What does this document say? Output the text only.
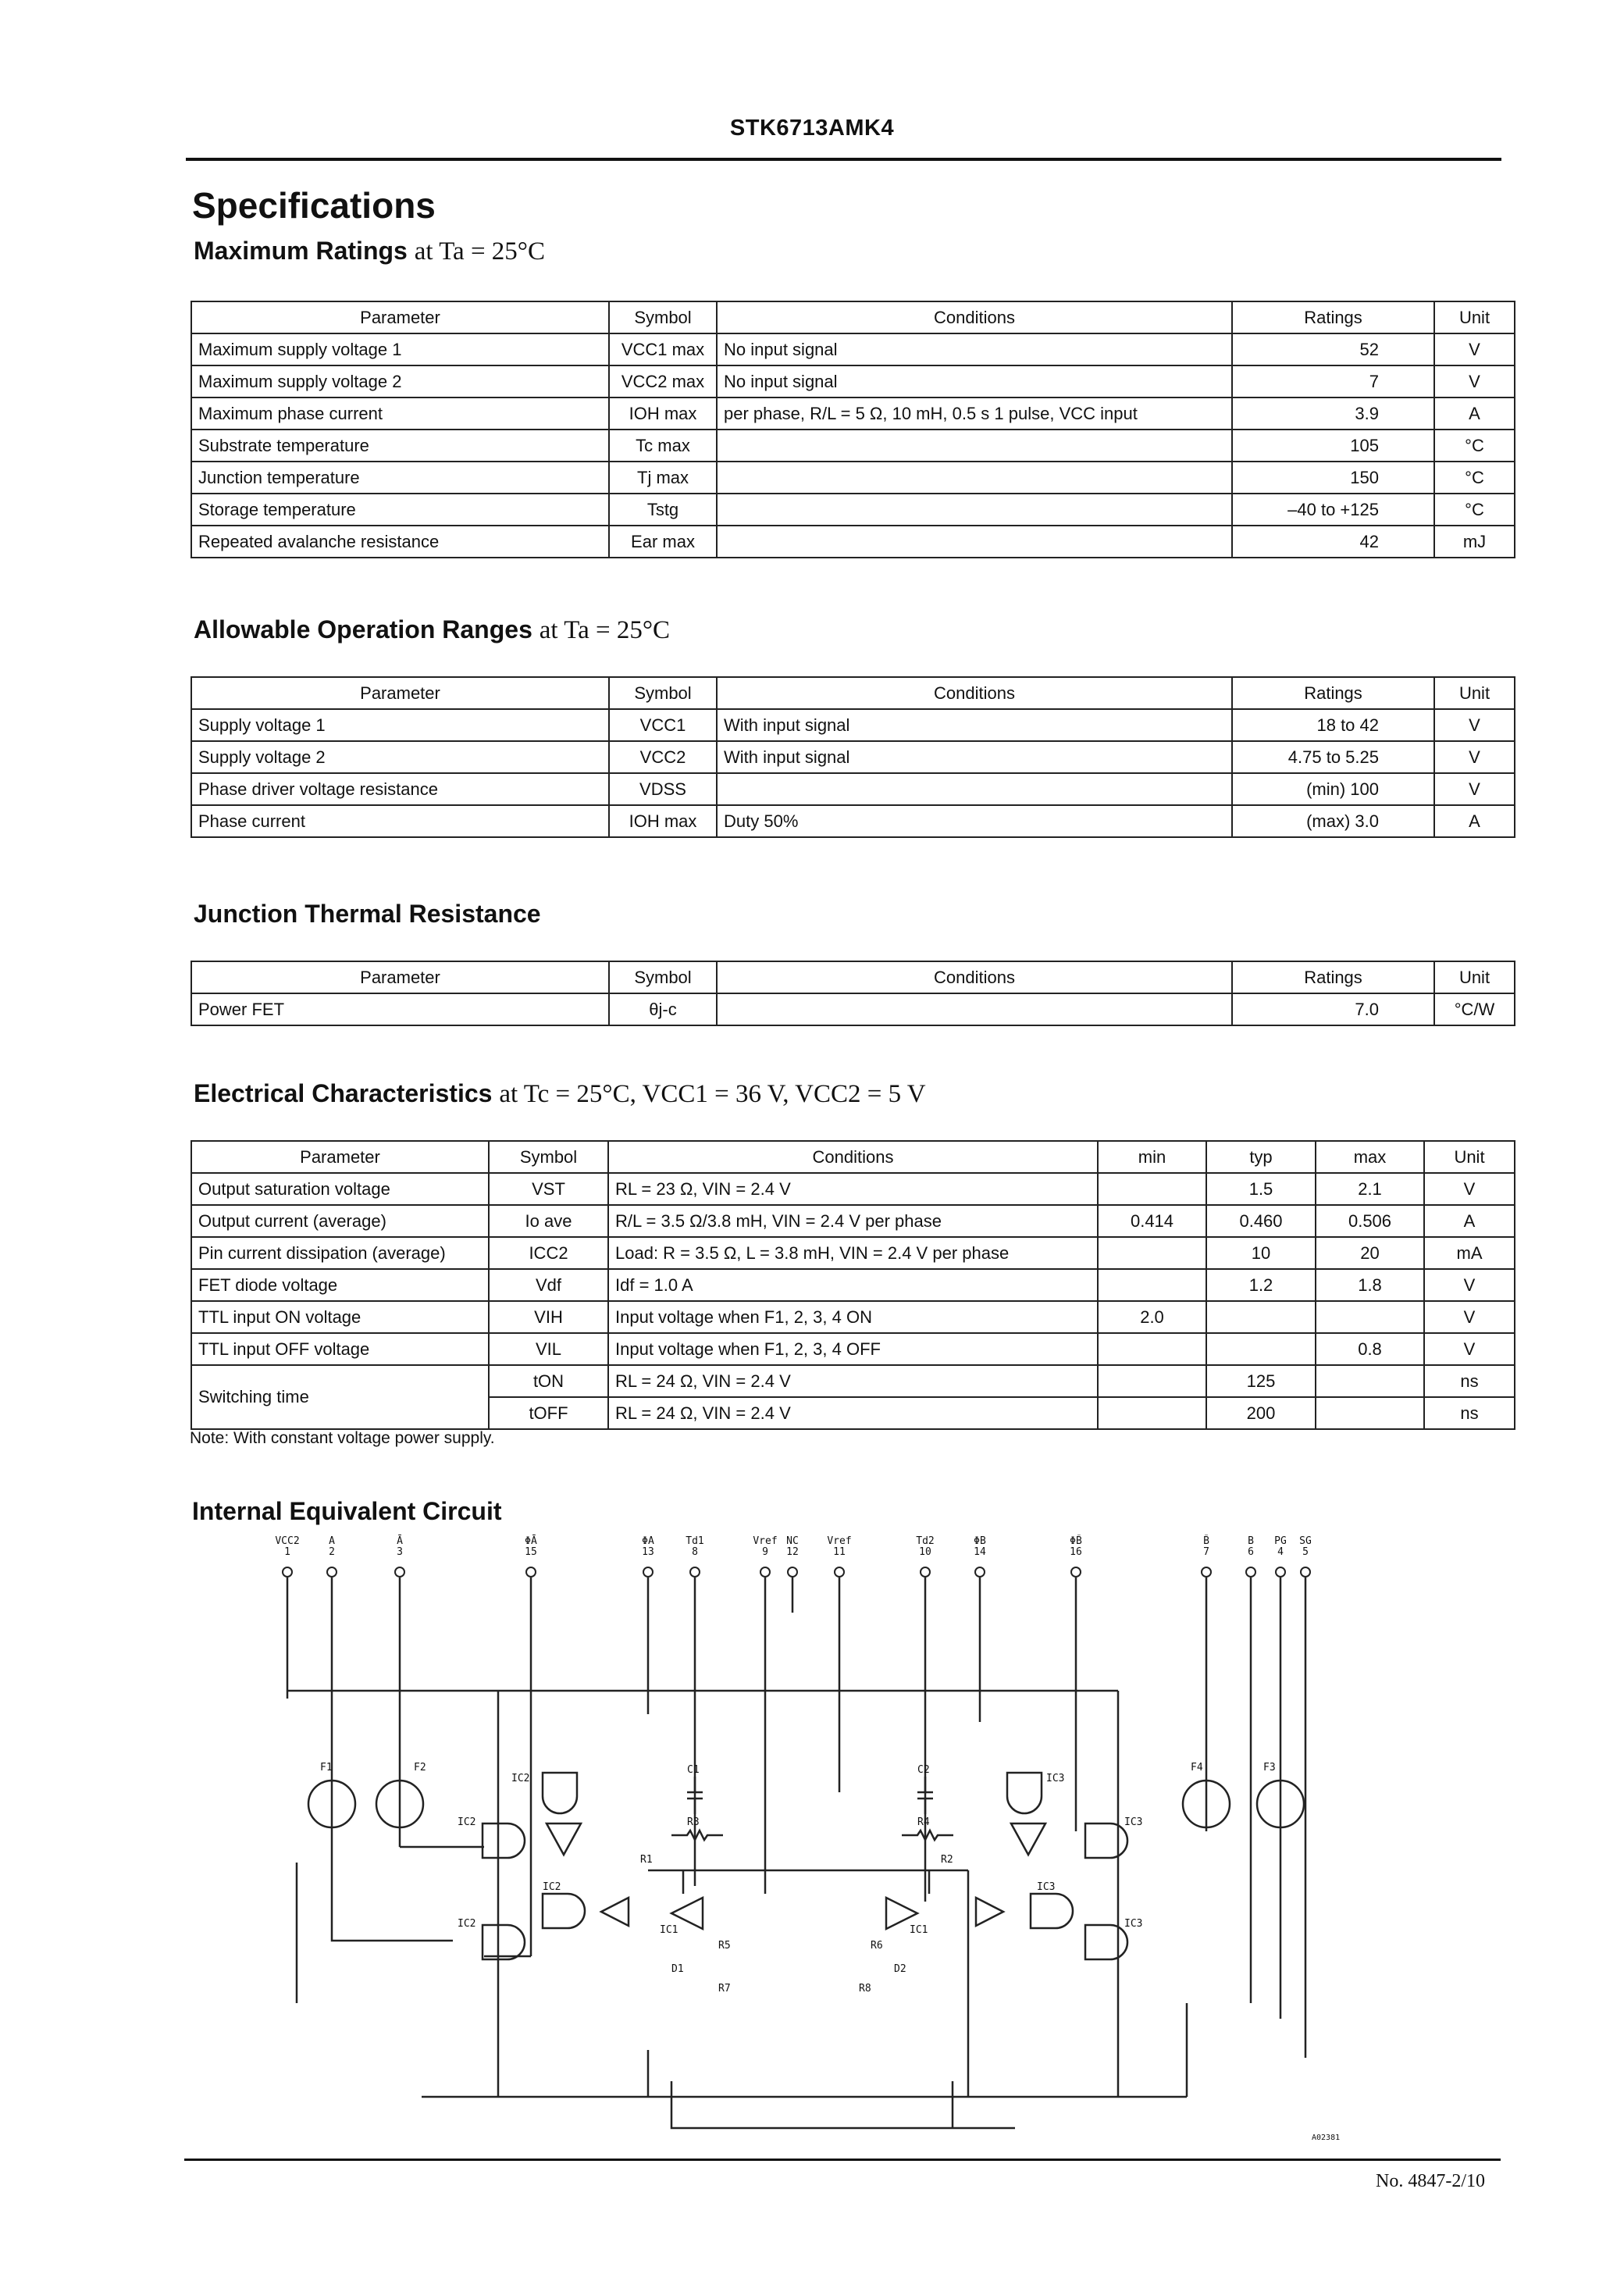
STK6713AMK4
Specifications
Maximum Ratings at Ta = 25°C
Parameter	Symbol	Conditions	Ratings	Unit
Maximum supply voltage 1	VCC1 max	No input signal	52	V
Maximum supply voltage 2	VCC2 max	No input signal	7	V
Maximum phase current	IOH max	per phase, R/L = 5 Ω, 10 mH, 0.5 s 1 pulse, VCC input	3.9	A
Substrate temperature	Tc max		105	°C
Junction temperature	Tj max		150	°C
Storage temperature	Tstg		–40 to +125	°C
Repeated avalanche resistance	Ear max		42	mJ
Allowable Operation Ranges at Ta = 25°C
Parameter	Symbol	Conditions	Ratings	Unit
Supply voltage 1	VCC1	With input signal	18 to 42	V
Supply voltage 2	VCC2	With input signal	4.75 to 5.25	V
Phase driver voltage resistance	VDSS		(min) 100	V
Phase current	IOH max	Duty 50%	(max) 3.0	A
Junction Thermal Resistance
Parameter	Symbol	Conditions	Ratings	Unit
Power FET	θj-c		7.0	°C/W
Electrical Characteristics at Tc = 25°C, VCC1 = 36 V, VCC2 = 5 V
Parameter	Symbol	Conditions	min	typ	max	Unit
Output saturation voltage	VST	RL = 23 Ω, VIN = 2.4 V		1.5	2.1	V
Output current (average)	Io ave	R/L = 3.5 Ω/3.8 mH, VIN = 2.4 V per phase	0.414	0.460	0.506	A
Pin current dissipation (average)	ICC2	Load: R = 3.5 Ω, L = 3.8 mH, VIN = 2.4 V per phase		10	20	mA
FET diode voltage	Vdf	Idf = 1.0 A		1.2	1.8	V
TTL input ON voltage	VIH	Input voltage when F1, 2, 3, 4 ON	2.0			V
TTL input OFF voltage	VIL	Input voltage when F1, 2, 3, 4 OFF			0.8	V
Switching time	tON	RL = 24 Ω, VIN = 2.4 V		125		ns
	tOFF	RL = 24 Ω, VIN = 2.4 V		200		ns
Note: With constant voltage power supply.
Internal Equivalent Circuit
VCC2
1
A
2
Ā
3
ΦĀ
15
ΦA
13
Td1
8
Vref
9
NC
12
Vref
11
Td2
10
ΦB
14
ΦB̄
16
B̄
7
B
6
PG
4
SG
5
F1	F2	F4	F3
C1	C2
R3	R4
R1	R2
R5	R6
R7	R8
D1	D2
IC1	IC1
IC2
IC2
IC2
IC2
IC3
IC3
IC3
IC3
A02381
No. 4847-2/10
